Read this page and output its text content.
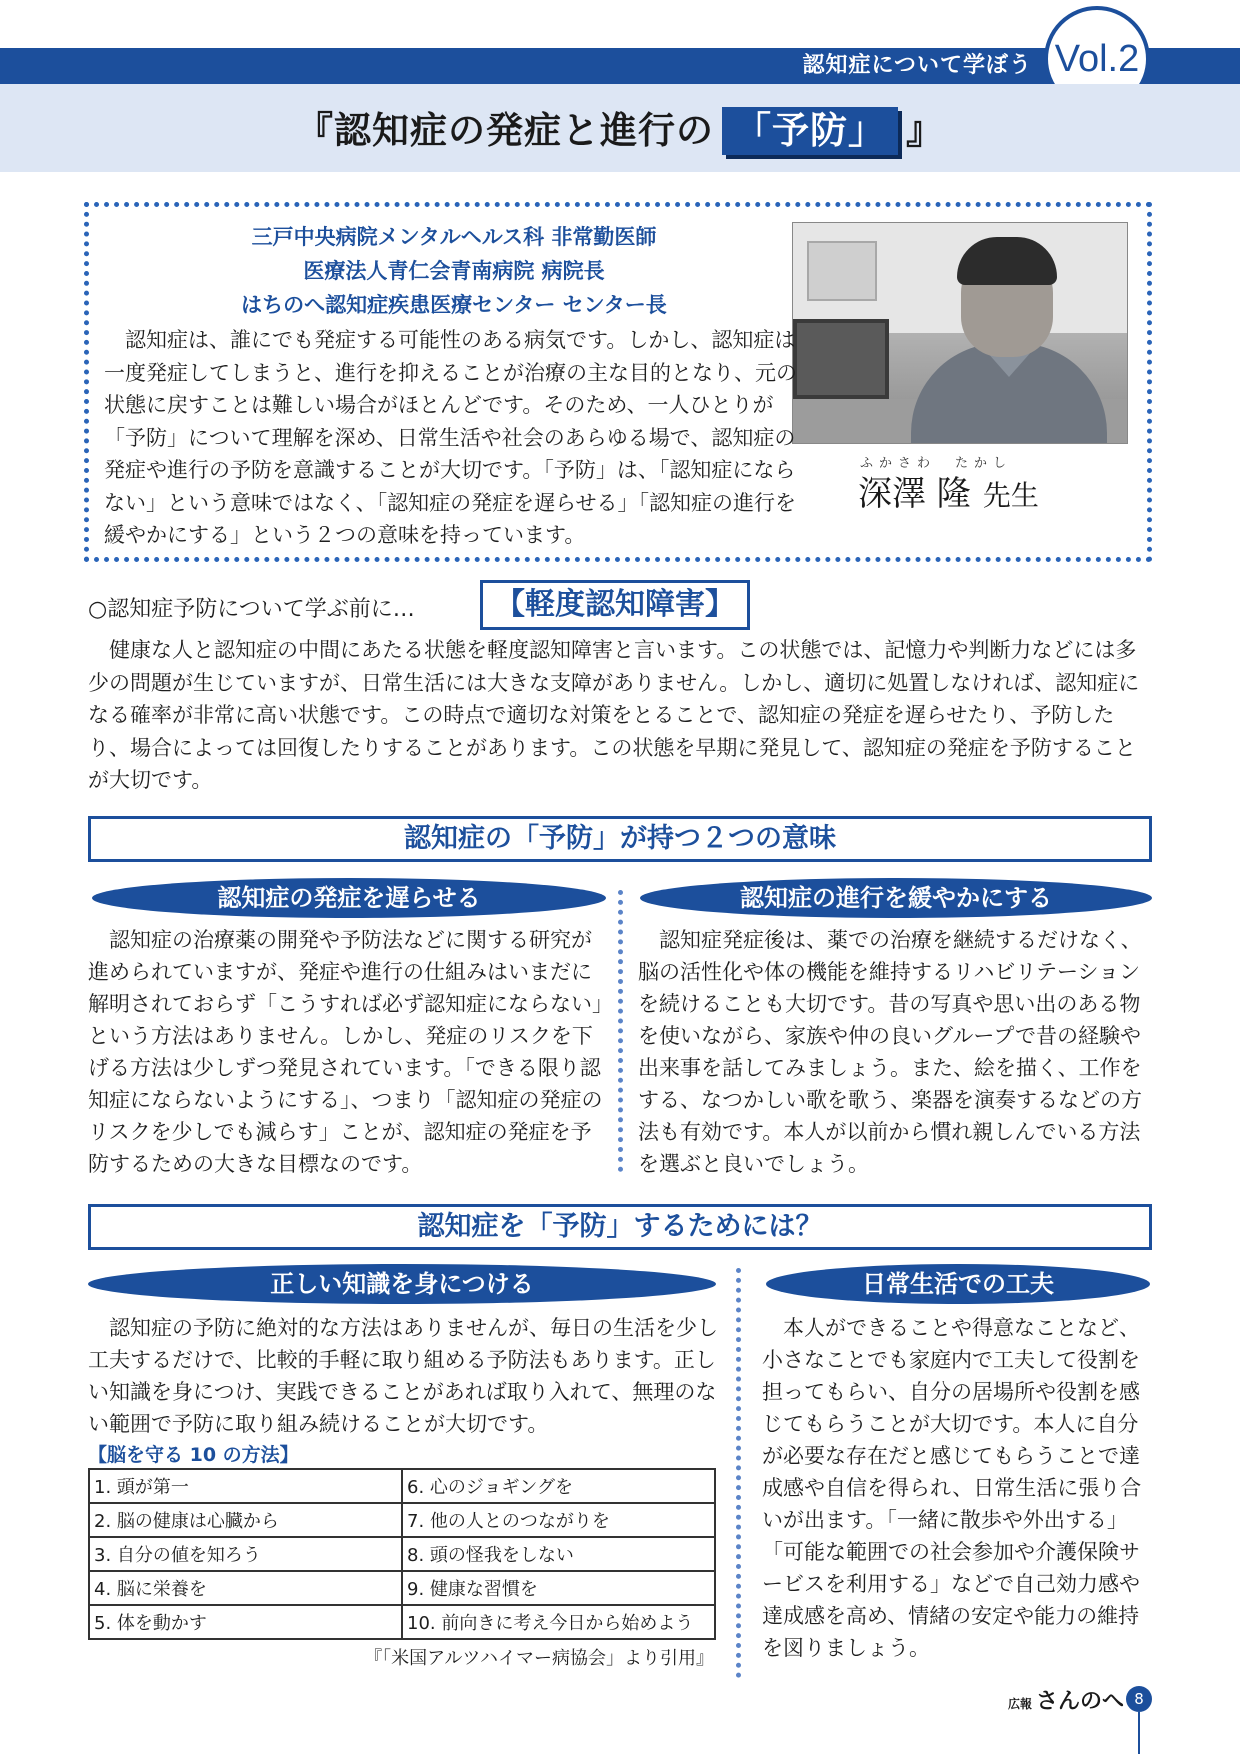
認知症について学ぼう Vol.2
『認知症の発症と進行の 「予防」 』
三戸中央病院メンタルヘルス科 非常勤医師
医療法人青仁会青南病院 病院長
はちのへ認知症疾患医療センター センター長
ふかさわ　たかし
深澤 隆 先生

認知症は、誰にでも発症する可能性のある病気です。しかし、認知症は一度発症してしまうと、進行を抑えることが治療の主な目的となり、元の状態に戻すことは難しい場合がほとんどです。そのため、一人ひとりが「予防」について理解を深め、日常生活や社会のあらゆる場で、認知症の発症や進行の予防を意識することが大切です。「予防」は、「認知症にならない」という意味ではなく、「認知症の発症を遅らせる」「認知症の進行を緩やかにする」という２つの意味を持っています。

○認知症予防について学ぶ前に…	【軽度認知障害】

健康な人と認知症の中間にあたる状態を軽度認知障害と言います。この状態では、記憶力や判断力などには多少の問題が生じていますが、日常生活には大きな支障がありません。しかし、適切に処置しなければ、認知症になる確率が非常に高い状態です。この時点で適切な対策をとることで、認知症の発症を遅らせたり、予防したり、場合によっては回復したりすることがあります。この状態を早期に発見して、認知症の発症を予防することが大切です。

認知症の「予防」が持つ２つの意味
認知症の発症を遅らせる	認知症の進行を緩やかにする

認知症の治療薬の開発や予防法などに関する研究が進められていますが、発症や進行の仕組みはいまだに解明されておらず「こうすれば必ず認知症にならない」という方法はありません。しかし、発症のリスクを下げる方法は少しずつ発見されています。「できる限り認知症にならないようにする」、つまり「認知症の発症のリスクを少しでも減らす」ことが、認知症の発症を予防するための大きな目標なのです。

認知症発症後は、薬での治療を継続するだけなく、脳の活性化や体の機能を維持するリハビリテーションを続けることも大切です。昔の写真や思い出のある物を使いながら、家族や仲の良いグループで昔の経験や出来事を話してみましょう。また、絵を描く、工作をする、なつかしい歌を歌う、楽器を演奏するなどの方法も有効です。本人が以前から慣れ親しんでいる方法を選ぶと良いでしょう。

認知症を「予防」するためには？
正しい知識を身につける	日常生活での工夫

認知症の予防に絶対的な方法はありませんが、毎日の生活を少し工夫するだけで、比較的手軽に取り組める予防法もあります。正しい知識を身につけ、実践できることがあれば取り入れて、無理のない範囲で予防に取り組み続けることが大切です。

本人ができることや得意なことなど、小さなことでも家庭内で工夫して役割を担ってもらい、自分の居場所や役割を感じてもらうことが大切です。本人に自分が必要な存在だと感じてもらうことで達成感や自信を得られ、日常生活に張り合いが出ます。「一緒に散歩や外出する」「可能な範囲での社会参加や介護保険サービスを利用する」などで自己効力感や達成感を高め、情緒の安定や能力の維持を図りましょう。

【脳を守る 10 の方法】
1. 頭が第一	6. 心のジョギングを
2. 脳の健康は心臓から	7. 他の人とのつながりを
3. 自分の値を知ろう	8. 頭の怪我をしない
4. 脳に栄養を	9. 健康な習慣を
5. 体を動かす	10. 前向きに考え今日から始めよう
『「米国アルツハイマー病協会」より引用』
広報 さんのへ 8
